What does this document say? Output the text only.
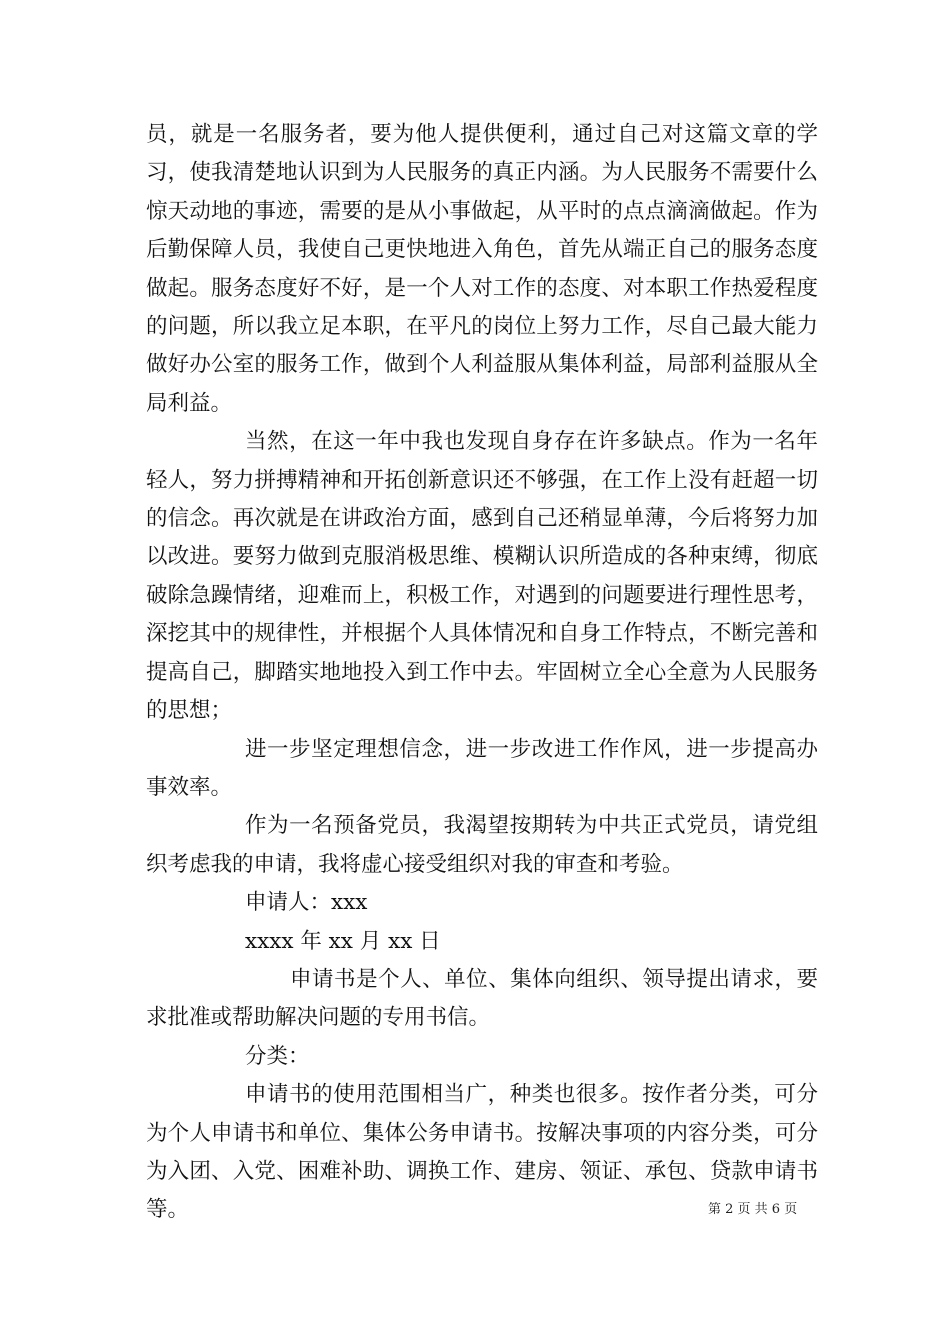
员，就是一名服务者，要为他人提供便利，通过自己对这篇文章的学习，使我清楚地认识到为人民服务的真正内涵。为人民服务不需要什么惊天动地的事迹，需要的是从小事做起，从平时的点点滴滴做起。作为后勤保障人员，我使自己更快地进入角色，首先从端正自己的服务态度做起。服务态度好不好，是一个人对工作的态度、对本职工作热爱程度的问题，所以我立足本职，在平凡的岗位上努力工作，尽自己最大能力做好办公室的服务工作，做到个人利益服从集体利益，局部利益服从全局利益。

当然，在这一年中我也发现自身存在许多缺点。作为一名年轻人，努力拼搏精神和开拓创新意识还不够强，在工作上没有赶超一切的信念。再次就是在讲政治方面，感到自己还稍显单薄，今后将努力加以改进。要努力做到克服消极思维、模糊认识所造成的各种束缚，彻底破除急躁情绪，迎难而上，积极工作，对遇到的问题要进行理性思考，深挖其中的规律性，并根据个人具体情况和自身工作特点，不断完善和提高自己，脚踏实地地投入到工作中去。牢固树立全心全意为人民服务的思想；

进一步坚定理想信念，进一步改进工作作风，进一步提高办事效率。

作为一名预备党员，我渴望按期转为中共正式党员，请党组织考虑我的申请，我将虚心接受组织对我的审查和考验。

申请人：xxx

xxxx 年 xx 月 xx 日

申请书是个人、单位、集体向组织、领导提出请求，要求批准或帮助解决问题的专用书信。

分类：

申请书的使用范围相当广，种类也很多。按作者分类，可分为个人申请书和单位、集体公务申请书。按解决事项的内容分类，可分为入团、入党、困难补助、调换工作、建房、领证、承包、贷款申请书等。	第 2 页 共 6 页
